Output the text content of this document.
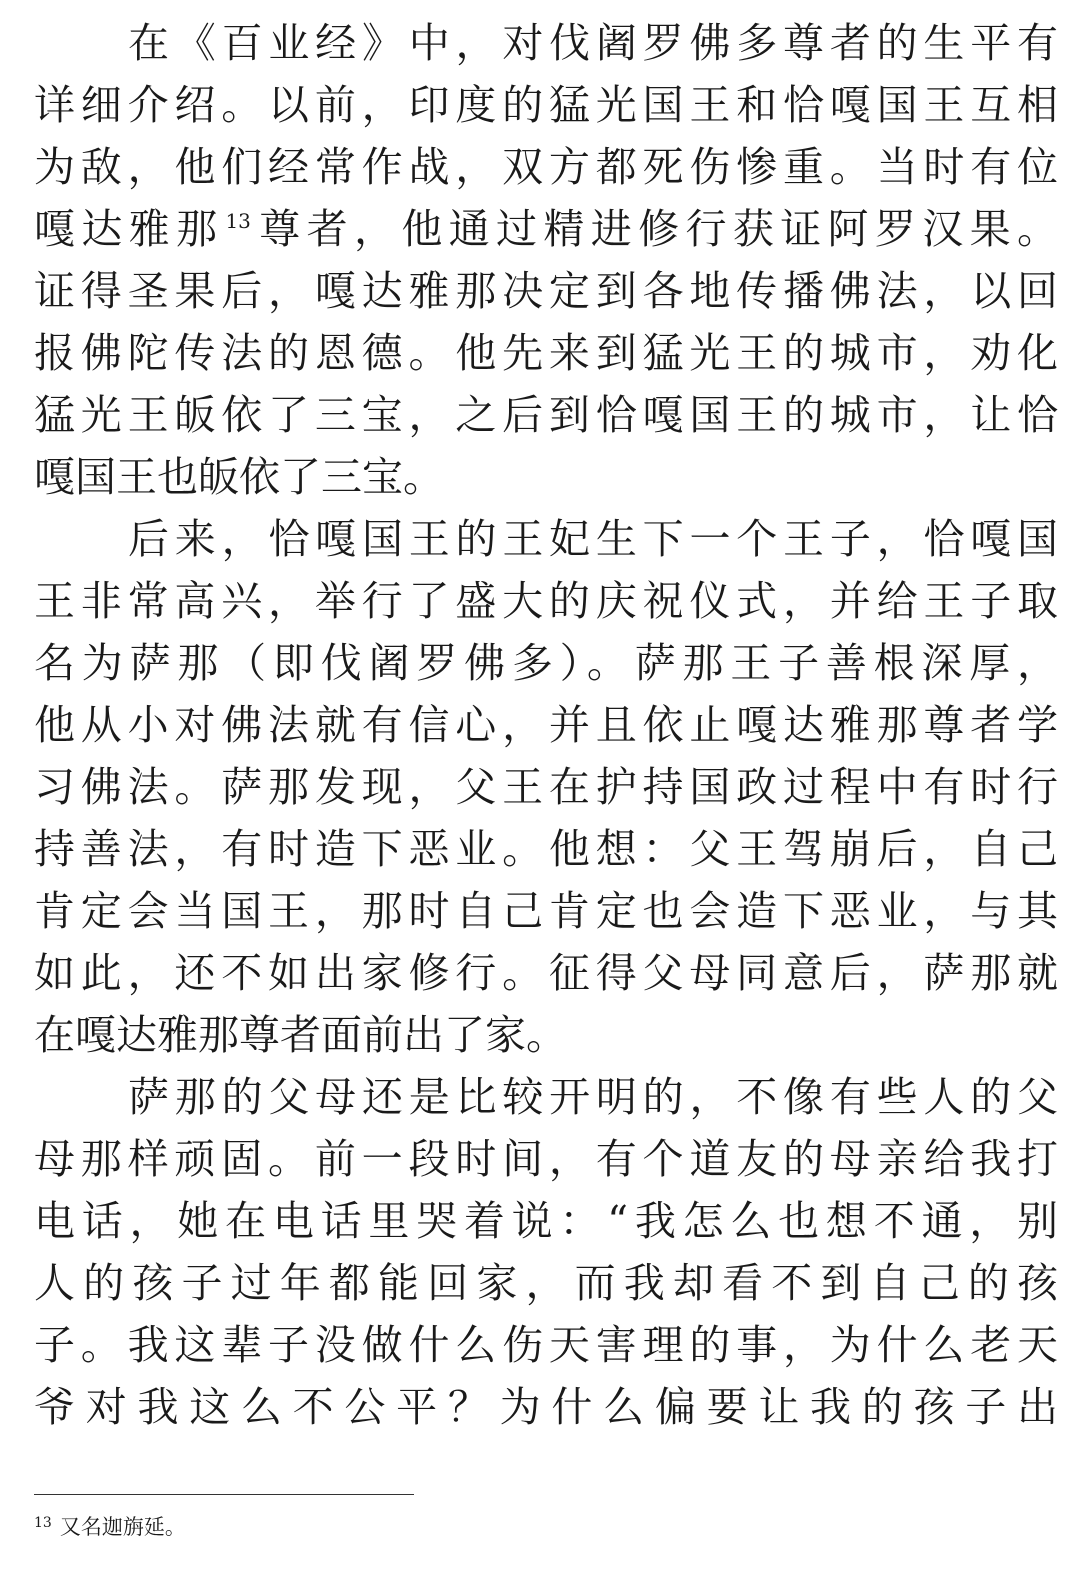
在《百业经》中，对伐阇罗佛多尊者的生平有
详细介绍。以前，印度的猛光国王和恰嘎国王互相
为敌，他们经常作战，双方都死伤惨重。当时有位
嘎达雅那 $^{13}$尊者，他通过精进修行获证阿罗汉果。
证得圣果后，嘎达雅那决定到各地传播佛法，以回
报佛陀传法的恩德。他先来到猛光王的城市，劝化
猛光王皈依了三宝，之后到恰嘎国王的城市，让恰
嘎国王也皈依了三宝。
后来，恰嘎国王的王妃生下一个王子，恰嘎国
王非常高兴，举行了盛大的庆祝仪式，并给王子取
名为萨那（即伐阇罗佛多）。萨那王子善根深厚，
他从小对佛法就有信心，并且依止嘎达雅那尊者学
习佛法。萨那发现，父王在护持国政过程中有时行
持善法，有时造下恶业。他想：父王驾崩后，自己
肯定会当国王，那时自己肯定也会造下恶业，与其
如此，还不如出家修行。征得父母同意后，萨那就
在嘎达雅那尊者面前出了家。
萨那的父母还是比较开明的，不像有些人的父
母那样顽固。前一段时间，有个道友的母亲给我打
电话，她在电话里哭着说：“我怎么也想不通，别
人的孩子过年都能回家，而我却看不到自己的孩
子。我这辈子没做什么伤天害理的事，为什么老天
爷对我这么不公平？为什么偏要让我的孩子出
$^{13}$ 又名迦旃延。
